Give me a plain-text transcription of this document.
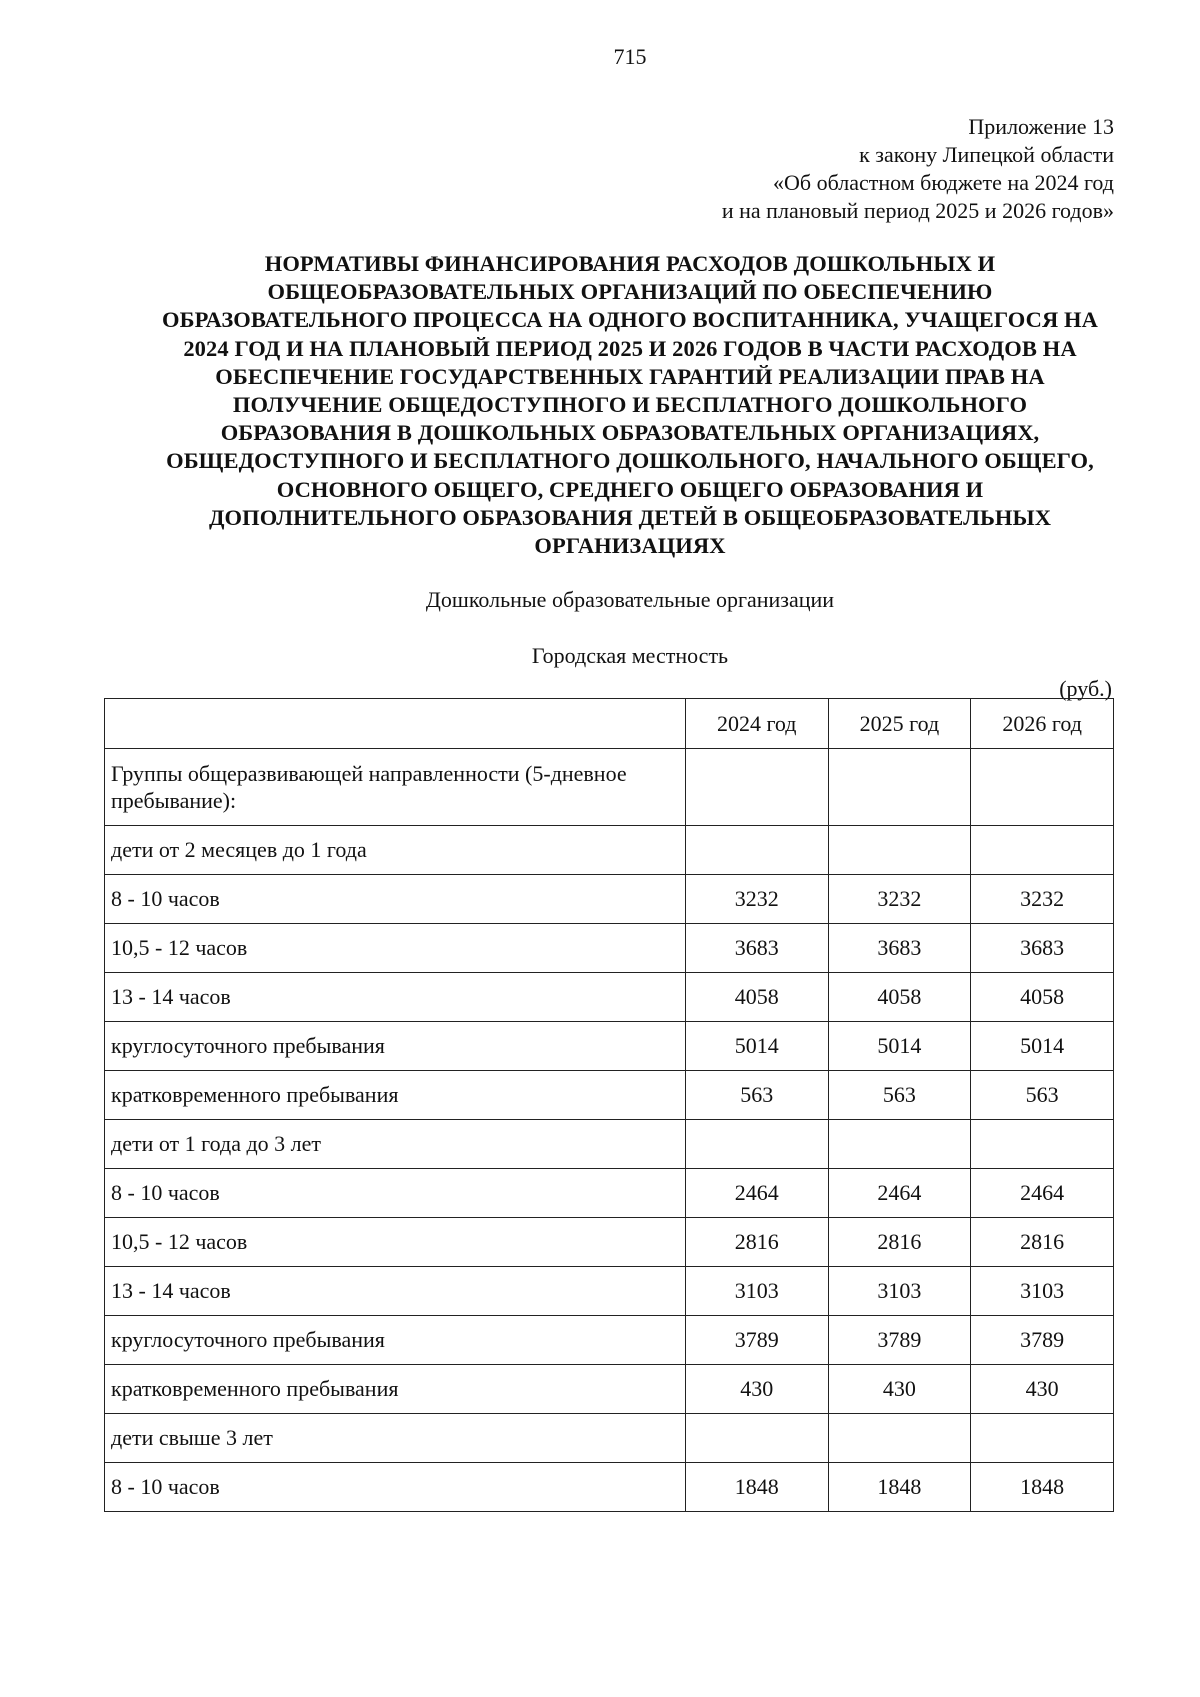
715
Приложение 13
к закону Липецкой области
«Об областном бюджете на 2024 год
и на плановый период 2025 и 2026 годов»
НОРМАТИВЫ ФИНАНСИРОВАНИЯ РАСХОДОВ ДОШКОЛЬНЫХ И
ОБЩЕОБРАЗОВАТЕЛЬНЫХ ОРГАНИЗАЦИЙ ПО ОБЕСПЕЧЕНИЮ
ОБРАЗОВАТЕЛЬНОГО ПРОЦЕССА НА ОДНОГО ВОСПИТАННИКА, УЧАЩЕГОСЯ НА
2024 ГОД И НА ПЛАНОВЫЙ ПЕРИОД 2025 И 2026 ГОДОВ В ЧАСТИ РАСХОДОВ НА
ОБЕСПЕЧЕНИЕ ГОСУДАРСТВЕННЫХ ГАРАНТИЙ РЕАЛИЗАЦИИ ПРАВ НА
ПОЛУЧЕНИЕ ОБЩЕДОСТУПНОГО И БЕСПЛАТНОГО ДОШКОЛЬНОГО
ОБРАЗОВАНИЯ В ДОШКОЛЬНЫХ ОБРАЗОВАТЕЛЬНЫХ ОРГАНИЗАЦИЯХ,
ОБЩЕДОСТУПНОГО И БЕСПЛАТНОГО ДОШКОЛЬНОГО, НАЧАЛЬНОГО ОБЩЕГО,
ОСНОВНОГО ОБЩЕГО, СРЕДНЕГО ОБЩЕГО ОБРАЗОВАНИЯ И
ДОПОЛНИТЕЛЬНОГО ОБРАЗОВАНИЯ ДЕТЕЙ В ОБЩЕОБРАЗОВАТЕЛЬНЫХ
ОРГАНИЗАЦИЯХ
Дошкольные образовательные организации
Городская местность
(руб.)
	2024 год	2025 год	2026 год
Группы общеразвивающей направленности (5-дневное пребывание):			
дети от 2 месяцев до 1 года			
8 - 10 часов	3232	3232	3232
10,5 - 12 часов	3683	3683	3683
13 - 14 часов	4058	4058	4058
круглосуточного пребывания	5014	5014	5014
кратковременного пребывания	563	563	563
дети от 1 года до 3 лет			
8 - 10 часов	2464	2464	2464
10,5 - 12 часов	2816	2816	2816
13 - 14 часов	3103	3103	3103
круглосуточного пребывания	3789	3789	3789
кратковременного пребывания	430	430	430
дети свыше 3 лет			
8 - 10 часов	1848	1848	1848
